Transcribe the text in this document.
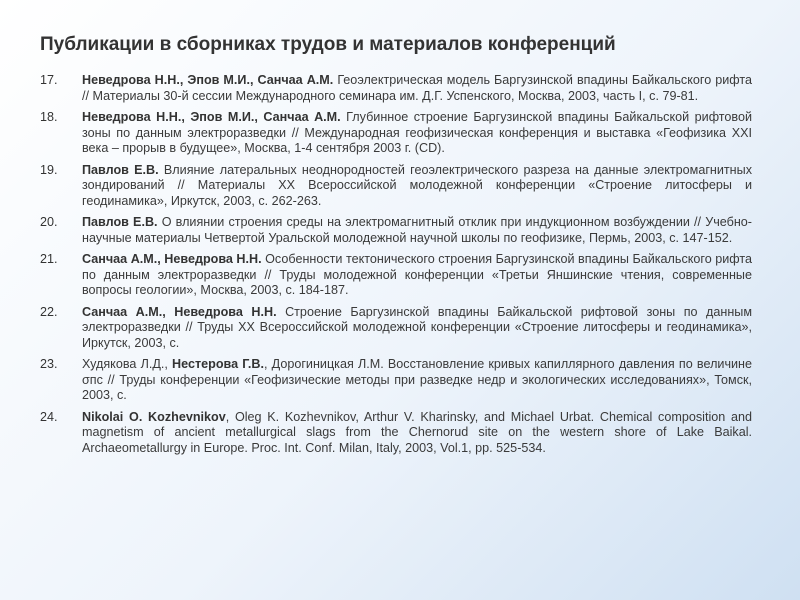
Публикации в сборниках трудов и материалов конференций
17.	Неведрова Н.Н., Эпов М.И., Санчаа А.М. Геоэлектрическая модель Баргузинской впадины Байкальского рифта // Материалы 30-й сессии Международного семинара им. Д.Г. Успенского, Москва, 2003, часть I, с. 79-81.
18.	Неведрова Н.Н., Эпов М.И., Санчаа А.М. Глубинное строение Баргузинской впадины Байкальской рифтовой зоны по данным электроразведки // Международная геофизическая конференция и выставка «Геофизика XXI века – прорыв в будущее», Москва, 1-4 сентября 2003 г. (CD).
19.	Павлов Е.В. Влияние латеральных неоднородностей геоэлектрического разреза на данные электромагнитных зондирований // Материалы XX Всероссийской молодежной конференции «Строение литосферы и геодинамика», Иркутск, 2003, с. 262-263.
20.	Павлов Е.В. О влиянии строения среды на электромагнитный отклик при индукционном возбуждении // Учебно-научные материалы Четвертой Уральской молодежной научной школы по геофизике, Пермь, 2003, с. 147-152.
21.	Санчаа А.М., Неведрова Н.Н. Особенности тектонического строения Баргузинской впадины Байкальского рифта по данным электроразведки // Труды молодежной конференции «Третьи Яншинские чтения, современные вопросы геологии», Москва, 2003, с. 184-187.
22.	Санчаа А.М., Неведрова Н.Н. Строение Баргузинской впадины Байкальской рифтовой зоны по данным электроразведки // Труды XX Всероссийской молодежной конференции «Строение литосферы и геодинамика», Иркутск, 2003, с.
23.	Худякова Л.Д., Нестерова Г.В., Дорогиницкая Л.М. Восстановление кривых капиллярного давления по величине σпс // Труды конференции «Геофизические методы при разведке недр и экологических исследованиях», Томск, 2003, с.
24.	Nikolai O. Kozhevnikov, Oleg K. Kozhevnikov, Arthur V. Kharinsky, and Michael Urbat. Chemical composition and magnetism of ancient metallurgical slags from the Chernorud site on the western shore of Lake Baikal. Archaeometallurgy in Europe. Proc. Int. Conf. Milan, Italy, 2003, Vol.1, pp. 525-534.
